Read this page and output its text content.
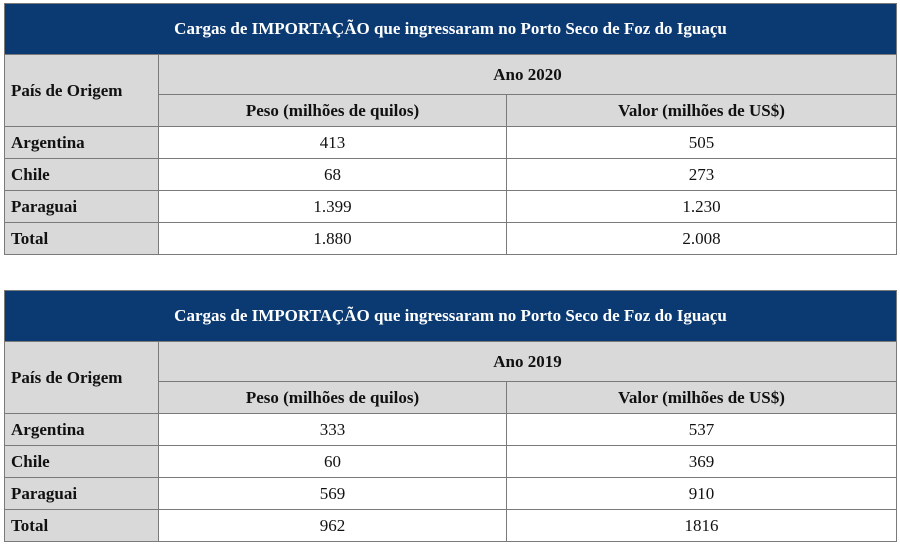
Cargas de IMPORTAÇÃO que ingressaram no Porto Seco de Foz do Iguaçu		
País de Origem	Ano 2020	
	Peso (milhões de quilos)	Valor (milhões de US$)
Argentina	413	505
Chile	68	273
Paraguai	1.399	1.230
Total	1.880	2.008
Cargas de IMPORTAÇÃO que ingressaram no Porto Seco de Foz do Iguaçu		
País de Origem	Ano 2019	
	Peso (milhões de quilos)	Valor (milhões de US$)
Argentina	333	537
Chile	60	369
Paraguai	569	910
Total	962	1816
